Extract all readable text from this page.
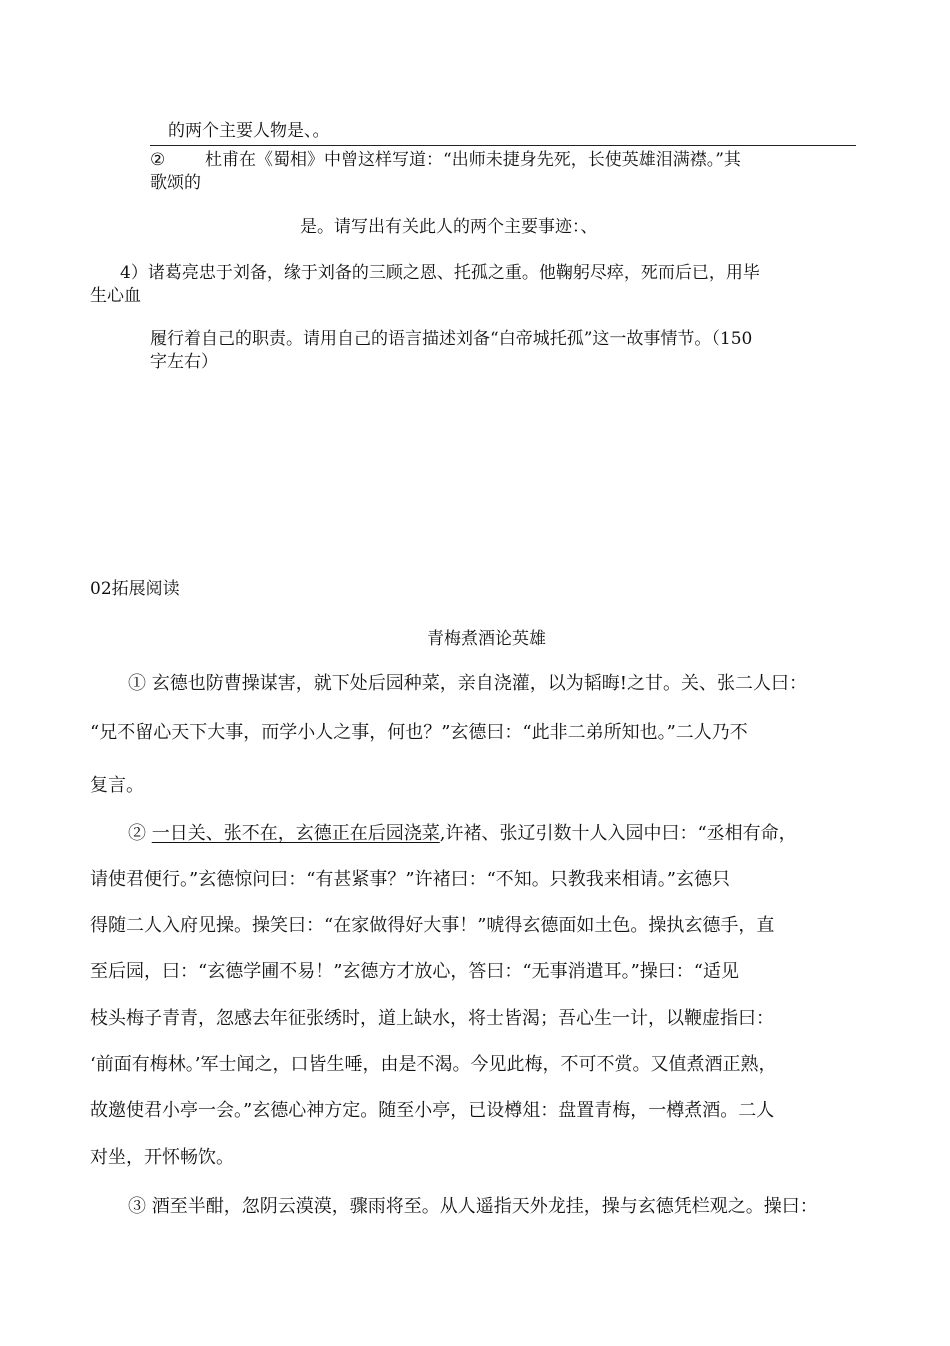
的两个主要人物是、。
② 杜甫在《蜀相》中曾这样写道：“出师未捷身先死，长使英雄泪满襟。”其
歌颂的
是。请写出有关此人的两个主要事迹：、
4）诸葛亮忠于刘备，缘于刘备的三顾之恩、托孤之重。他鞠躬尽瘁，死而后已，用毕
生心血
履行着自己的职责。请用自己的语言描述刘备“白帝城托孤”这一故事情节。（150
字左右）
02拓展阅读
青梅煮酒论英雄
① 玄德也防曹操谋害，就下处后园种菜，亲自浇灌，以为韬晦!之甘。关、张二人曰：
“兄不留心天下大事，而学小人之事，何也？”玄德曰：“此非二弟所知也。”二人乃不
复言。
② 一日关、张不在，玄德正在后园浇菜,许褚、张辽引数十人入园中曰：“丞相有命，
请使君便行。”玄德惊问曰：“有甚紧事？”许褚曰：“不知。只教我来相请。”玄德只
得随二人入府见操。操笑曰：“在家做得好大事！”唬得玄德面如土色。操执玄德手，直
至后园，曰：“玄德学圃不易！”玄德方才放心，答曰：“无事消遣耳。”操曰：“适见
枝头梅子青青，忽感去年征张绣时，道上缺水，将士皆渴；吾心生一计，以鞭虚指曰：
‘前面有梅林。’军士闻之，口皆生唾，由是不渴。今见此梅，不可不赏。又值煮酒正熟，
故邀使君小亭一会。”玄德心神方定。随至小亭，已设樽俎：盘置青梅，一樽煮酒。二人
对坐，开怀畅饮。
③ 酒至半酣，忽阴云漠漠，骤雨将至。从人遥指天外龙挂，操与玄德凭栏观之。操曰：
